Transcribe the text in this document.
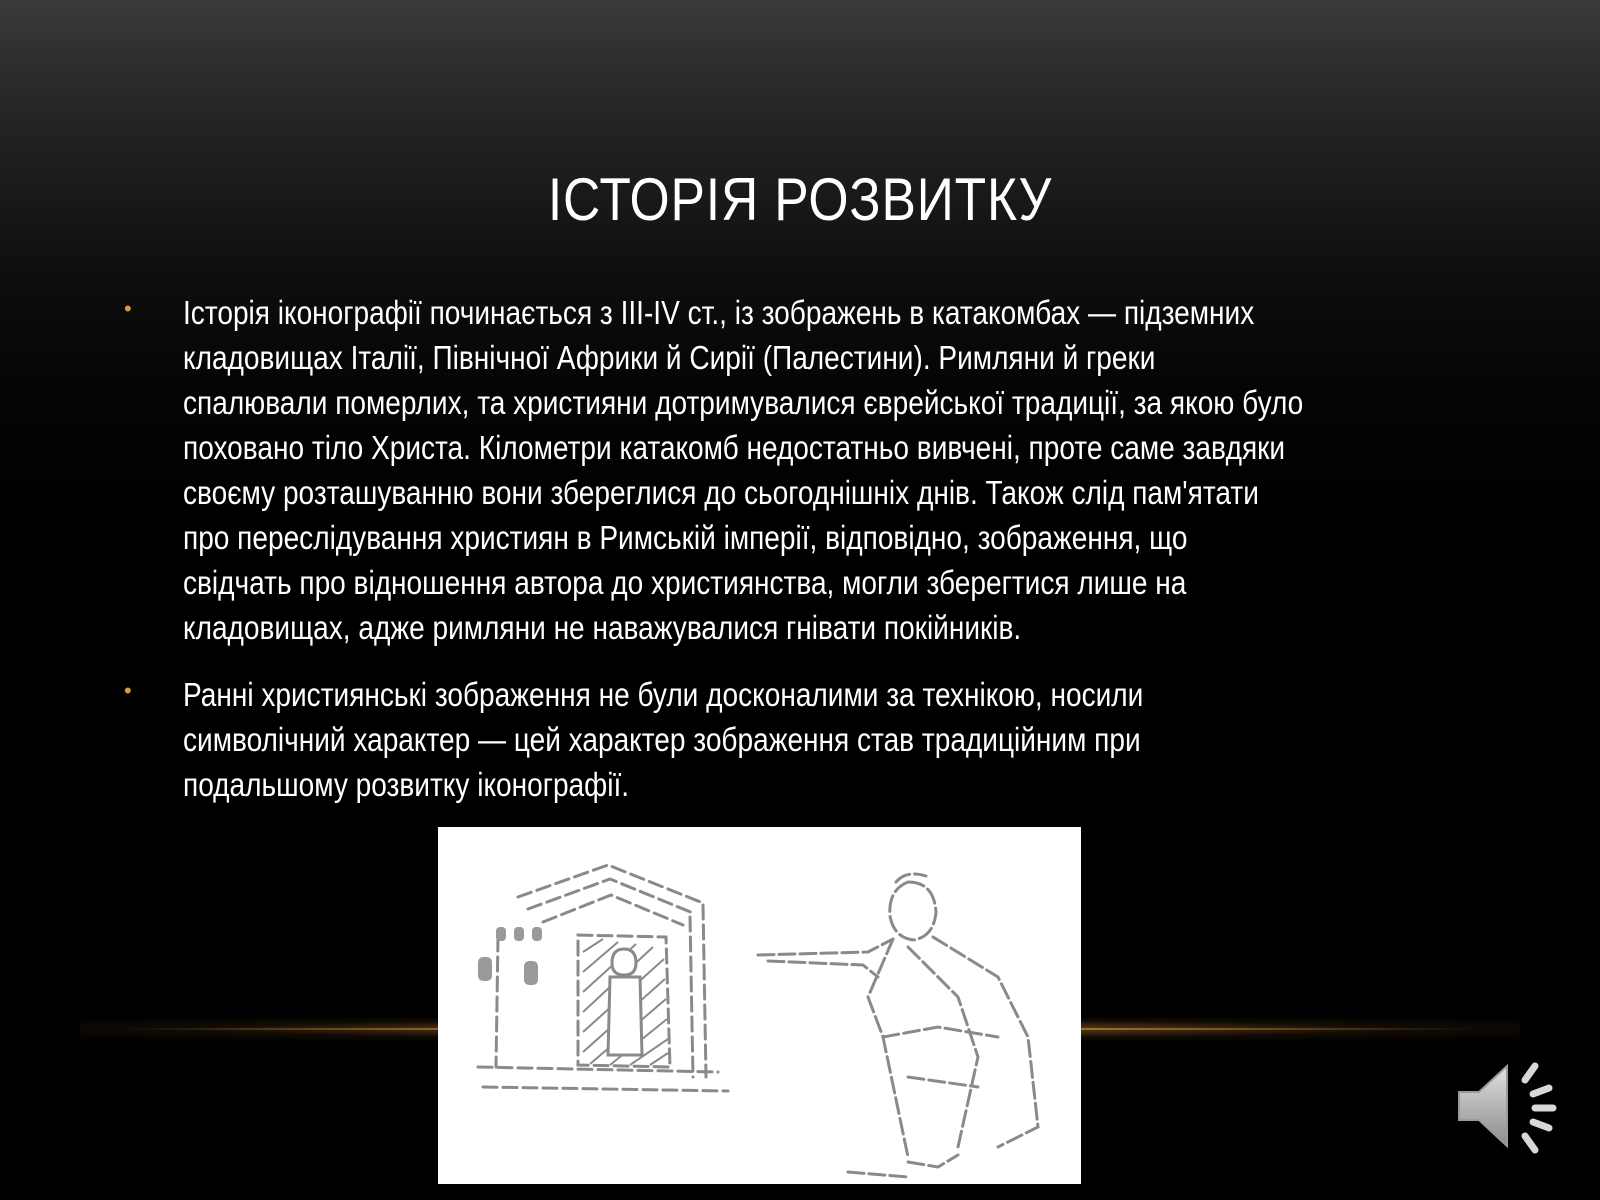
ІСТОРІЯ РОЗВИТКУ
• Історія іконографії починається з III-IV ст., із зображень в катакомбах — підземних
кладовищах Італії, Північної Африки й Сирії (Палестини). Римляни й греки
спалювали померлих, та християни дотримувалися єврейської традиції, за якою було
поховано тіло Христа. Кілометри катакомб недостатньо вивчені, проте саме завдяки
своєму розташуванню вони збереглися до сьогоднішніх днів. Також слід пам'ятати
про переслідування християн в Римській імперії, відповідно, зображення, що
свідчать про відношення автора до християнства, могли зберегтися лише на
кладовищах, адже римляни не наважувалися гнівати покійників.
• Ранні християнські зображення не були досконалими за технікою, носили
символічний характер — цей характер зображення став традиційним при
подальшому розвитку іконографії.
